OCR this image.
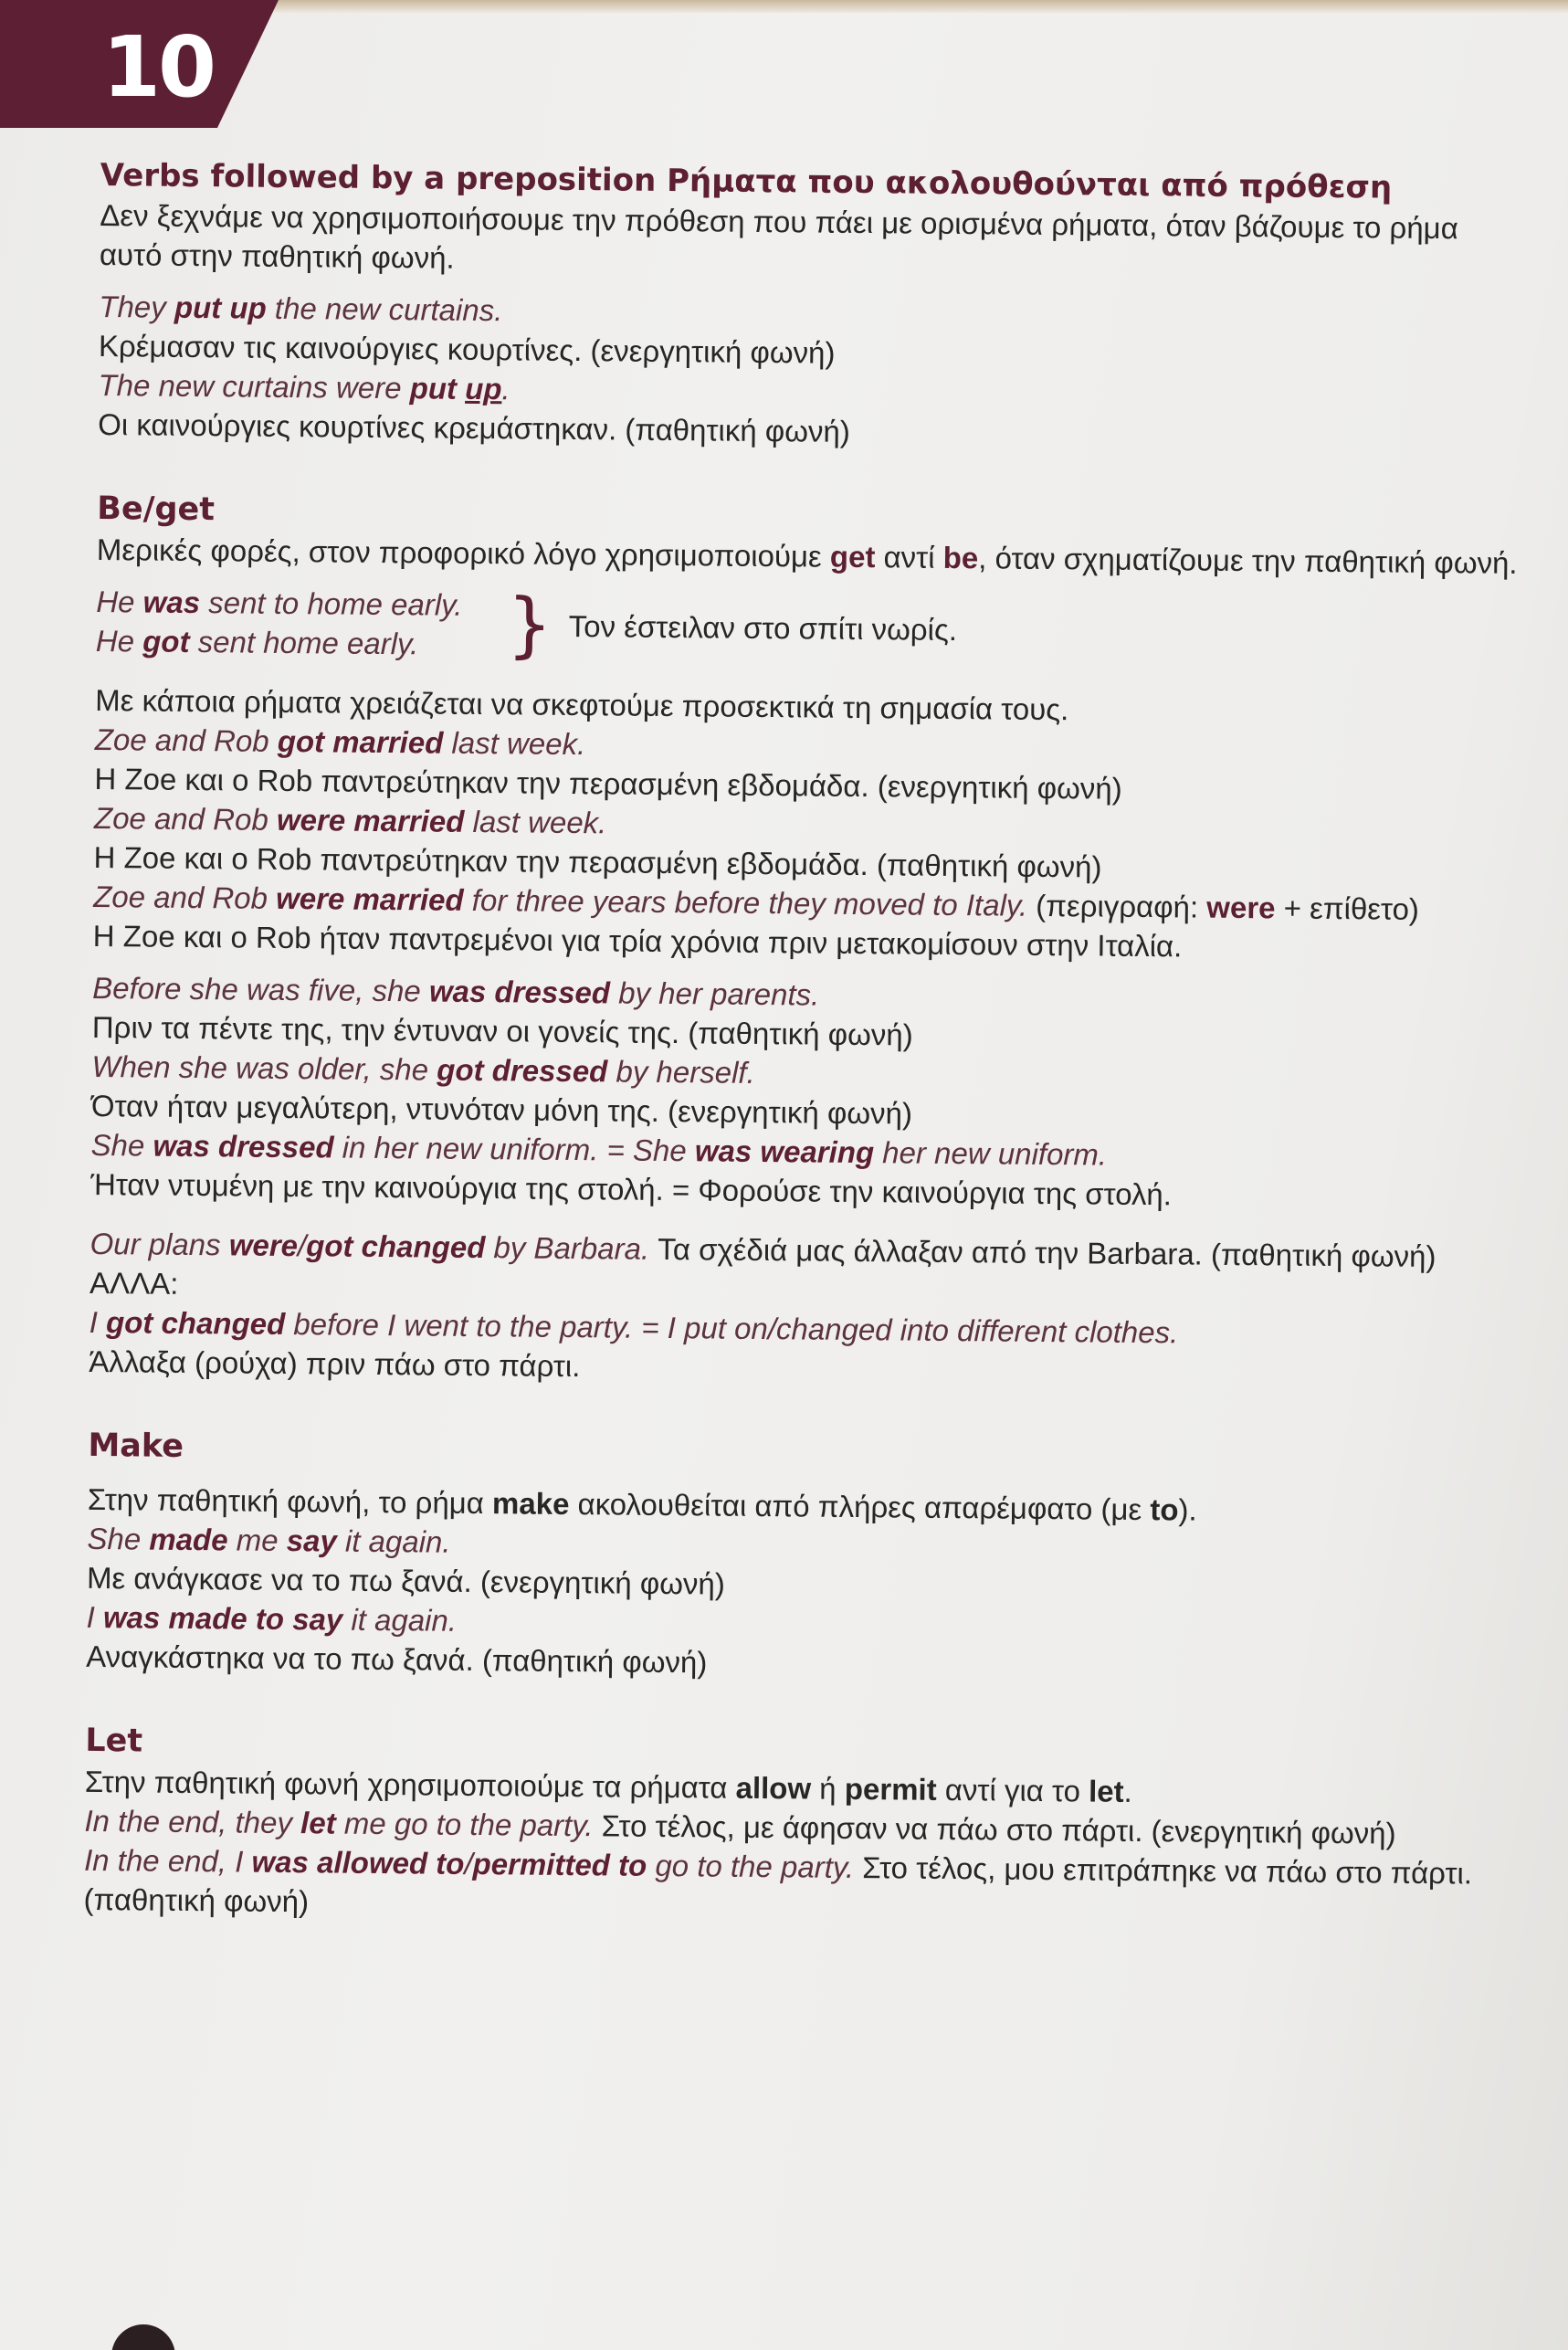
10

Verbs followed by a preposition Ρήματα που ακολουθούνται από πρόθεση

Δεν ξεχνάμε να χρησιμοποιήσουμε την πρόθεση που πάει με ορισμένα ρήματα, όταν βάζουμε το ρήμα αυτό στην παθητική φωνή.

They put up the new curtains.

Κρέμασαν τις καινούργιες κουρτίνες. (ενεργητική φωνή)

The new curtains were put up.

Οι καινούργιες κουρτίνες κρεμάστηκαν. (παθητική φωνή)

Be/get

Μερικές φορές, στον προφορικό λόγο χρησιμοποιούμε get αντί be, όταν σχηματίζουμε την παθητική φωνή.

He was sent to home early.

He got sent home early.	} Τον έστειλαν στο σπίτι νωρίς.

Με κάποια ρήματα χρειάζεται να σκεφτούμε προσεκτικά τη σημασία τους.

Zoe and Rob got married last week.

Η Zoe και ο Rob παντρεύτηκαν την περασμένη εβδομάδα. (ενεργητική φωνή)

Zoe and Rob were married last week.

Η Zoe και ο Rob παντρεύτηκαν την περασμένη εβδομάδα. (παθητική φωνή)

Zoe and Rob were married for three years before they moved to Italy. (περιγραφή: were + επίθετο)

Η Zoe και ο Rob ήταν παντρεμένοι για τρία χρόνια πριν μετακομίσουν στην Ιταλία.

Before she was five, she was dressed by her parents.

Πριν τα πέντε της, την έντυναν οι γονείς της. (παθητική φωνή)

When she was older, she got dressed by herself.

Όταν ήταν μεγαλύτερη, ντυνόταν μόνη της. (ενεργητική φωνή)

She was dressed in her new uniform. = She was wearing her new uniform.

Ήταν ντυμένη με την καινούργια της στολή. = Φορούσε την καινούργια της στολή.

Our plans were/got changed by Barbara. Τα σχέδιά μας άλλαξαν από την Barbara. (παθητική φωνή)

ΑΛΛΑ:

I got changed before I went to the party. = I put on/changed into different clothes.

Άλλαξα (ρούχα) πριν πάω στο πάρτι.

Make

Στην παθητική φωνή, το ρήμα make ακολουθείται από πλήρες απαρέμφατο (με to).

She made me say it again.

Με ανάγκασε να το πω ξανά. (ενεργητική φωνή)

I was made to say it again.

Αναγκάστηκα να το πω ξανά. (παθητική φωνή)

Let

Στην παθητική φωνή χρησιμοποιούμε τα ρήματα allow ή permit αντί για το let.

In the end, they let me go to the party. Στο τέλος, με άφησαν να πάω στο πάρτι. (ενεργητική φωνή)

In the end, I was allowed to/permitted to go to the party. Στο τέλος, μου επιτράπηκε να πάω στο πάρτι. (παθητική φωνή)
